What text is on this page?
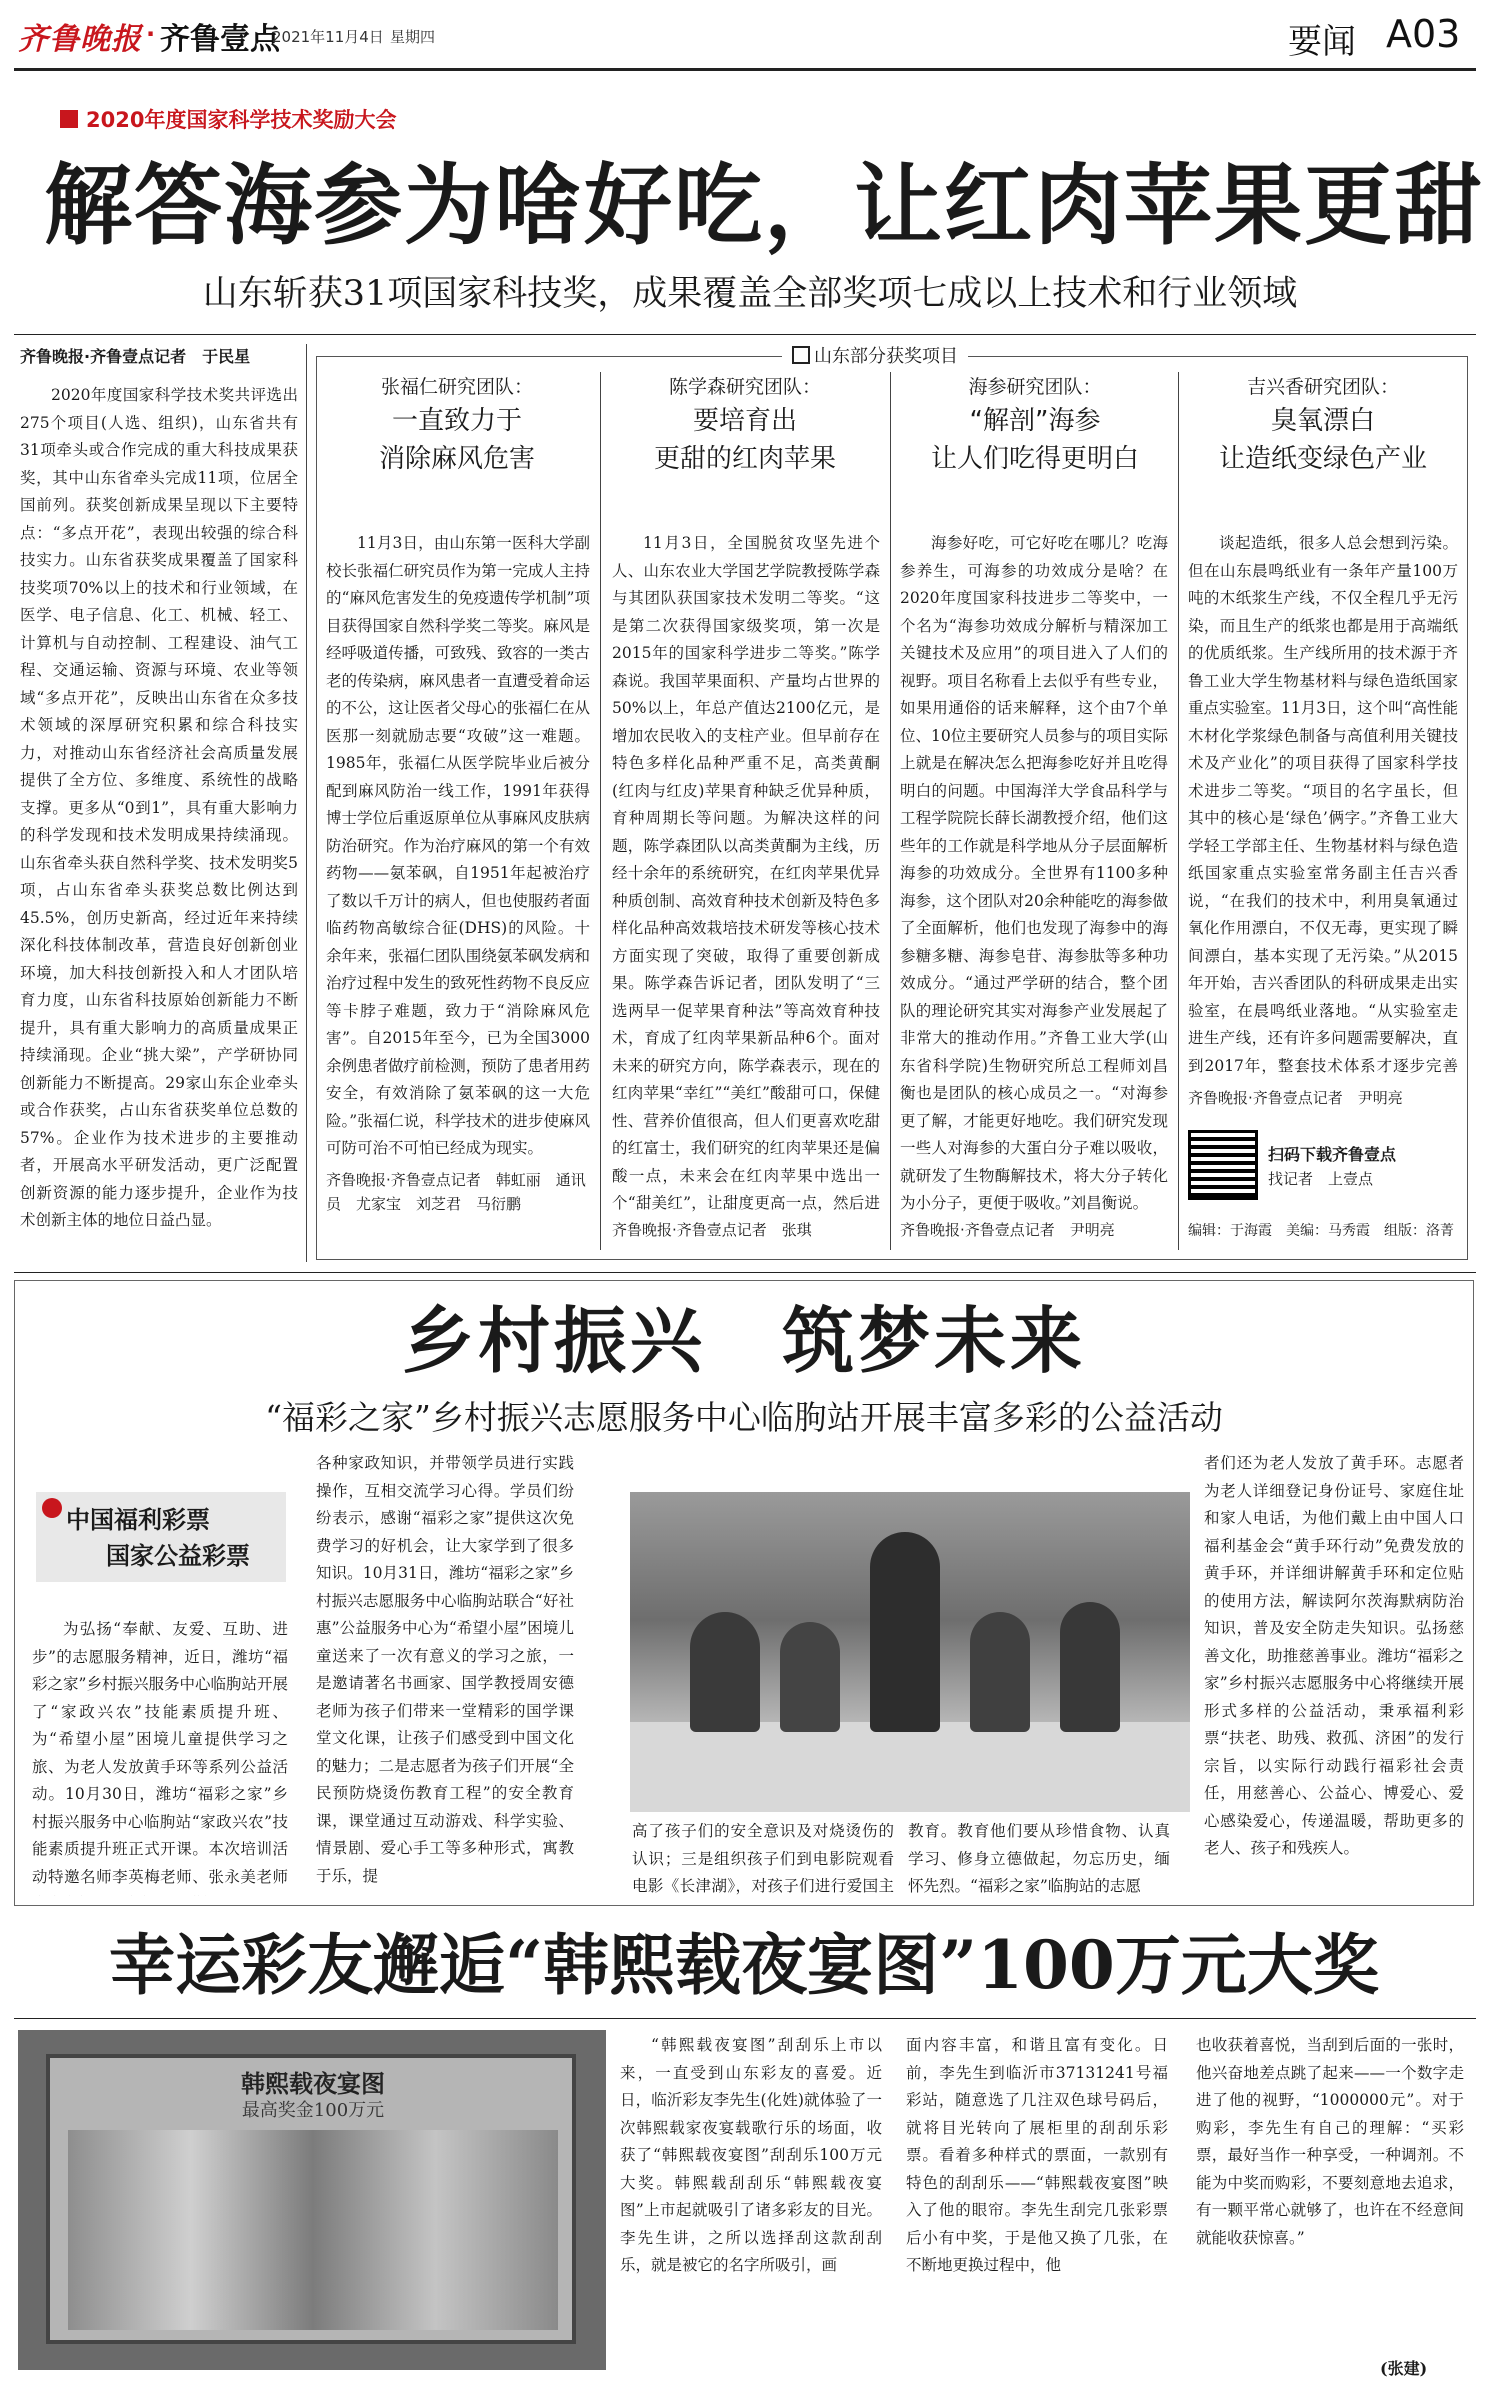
齐鲁晚报 · 齐鲁壹点
2021年11月4日 星期四	要闻 A03
2020年度国家科学技术奖励大会
解答海参为啥好吃，让红肉苹果更甜
山东斩获31项国家科技奖，成果覆盖全部奖项七成以上技术和行业领域
齐鲁晚报·齐鲁壹点记者　于民星
2020年度国家科学技术奖共评选出275个项目(人选、组织)，山东省共有31项牵头或合作完成的重大科技成果获奖，其中山东省牵头完成11项，位居全国前列。获奖创新成果呈现以下主要特点：“多点开花”，表现出较强的综合科技实力。山东省获奖成果覆盖了国家科技奖项70%以上的技术和行业领域，在医学、电子信息、化工、机械、轻工、计算机与自动控制、工程建设、油气工程、交通运输、资源与环境、农业等领域“多点开花”，反映出山东省在众多技术领域的深厚研究积累和综合科技实力，对推动山东省经济社会高质量发展提供了全方位、多维度、系统性的战略支撑。更多从“0到1”，具有重大影响力的科学发现和技术发明成果持续涌现。山东省牵头获自然科学奖、技术发明奖5项，占山东省牵头获奖总数比例达到45.5%，创历史新高，经过近年来持续深化科技体制改革，营造良好创新创业环境，加大科技创新投入和人才团队培育力度，山东省科技原始创新能力不断提升，具有重大影响力的高质量成果正持续涌现。企业“挑大梁”，产学研协同创新能力不断提高。29家山东企业牵头或合作获奖，占山东省获奖单位总数的57%。企业作为技术进步的主要推动者，开展高水平研发活动，更广泛配置创新资源的能力逐步提升，企业作为技术创新主体的地位日益凸显。
山东部分获奖项目
张福仁研究团队：
一直致力于
消除麻风危害
陈学森研究团队：
要培育出
更甜的红肉苹果
海参研究团队：
“解剖”海参
让人们吃得更明白
吉兴香研究团队：
臭氧漂白
让造纸变绿色产业
11月3日，由山东第一医科大学副校长张福仁研究员作为第一完成人主持的“麻风危害发生的免疫遗传学机制”项目获得国家自然科学奖二等奖。麻风是经呼吸道传播，可致残、致容的一类古老的传染病，麻风患者一直遭受着命运的不公，这让医者父母心的张福仁在从医那一刻就励志要“攻破”这一难题。1985年，张福仁从医学院毕业后被分配到麻风防治一线工作，1991年获得博士学位后重返原单位从事麻风皮肤病防治研究。作为治疗麻风的第一个有效药物——氨苯砜，自1951年起被治疗了数以千万计的病人，但也使服药者面临药物高敏综合征(DHS)的风险。十余年来，张福仁团队围绕氨苯砜发病和治疗过程中发生的致死性药物不良反应等卡脖子难题，致力于“消除麻风危害”。自2015年至今，已为全国3000余例患者做疗前检测，预防了患者用药安全，有效消除了氨苯砜的这一大危险。”张福仁说，科学技术的进步使麻风可防可治不可怕已经成为现实。
齐鲁晚报·齐鲁壹点记者　韩虹丽　通讯员　尤家宝　刘芝君　马衍鹏
11月3日，全国脱贫攻坚先进个人、山东农业大学国艺学院教授陈学森与其团队获国家技术发明二等奖。“这是第二次获得国家级奖项，第一次是2015年的国家科学进步二等奖。”陈学森说。我国苹果面积、产量均占世界的50%以上，年总产值达2100亿元，是增加农民收入的支柱产业。但早前存在特色多样化品种严重不足，高类黄酮(红肉与红皮)苹果育种缺乏优异种质，育种周期长等问题。为解决这样的问题，陈学森团队以高类黄酮为主线，历经十余年的系统研究，在红肉苹果优异种质创制、高效育种技术创新及特色多样化品种高效栽培技术研发等核心技术方面实现了突破，取得了重要创新成果。陈学森告诉记者，团队发明了“三选两早一促苹果育种法”等高效育种技术，育成了红肉苹果新品种6个。面对未来的研究方向，陈学森表示，现在的红肉苹果“幸红”“美红”酸甜可口，保健性、营养价值很高，但人们更喜欢吃甜的红富士，我们研究的红肉苹果还是偏酸一点，未来会在红肉苹果中选出一个“甜美红”，让甜度更高一点，然后进
齐鲁晚报·齐鲁壹点记者　张琪
海参好吃，可它好吃在哪儿？吃海参养生，可海参的功效成分是啥？在2020年度国家科技进步二等奖中，一个名为“海参功效成分解析与精深加工关键技术及应用”的项目进入了人们的视野。项目名称看上去似乎有些专业，如果用通俗的话来解释，这个由7个单位、10位主要研究人员参与的项目实际上就是在解决怎么把海参吃好并且吃得明白的问题。中国海洋大学食品科学与工程学院院长薛长湖教授介绍，他们这些年的工作就是科学地从分子层面解析海参的功效成分。全世界有1100多种海参，这个团队对20余种能吃的海参做了全面解析，他们也发现了海参中的海参糖多糖、海参皂苷、海参肽等多种功效成分。“通过严学研的结合，整个团队的理论研究其实对海参产业发展起了非常大的推动作用。”齐鲁工业大学(山东省科学院)生物研究所总工程师刘昌衡也是团队的核心成员之一。“对海参更了解，才能更好地吃。我们研究发现一些人对海参的大蛋白分子难以吸收，就研发了生物酶解技术，将大分子转化为小分子，更便于吸收。”刘昌衡说。
齐鲁晚报·齐鲁壹点记者　尹明亮
谈起造纸，很多人总会想到污染。但在山东晨鸣纸业有一条年产量100万吨的木纸浆生产线，不仅全程几乎无污染，而且生产的纸浆也都是用于高端纸的优质纸浆。生产线所用的技术源于齐鲁工业大学生物基材料与绿色造纸国家重点实验室。11月3日，这个叫“高性能木材化学浆绿色制备与高值利用关键技术及产业化”的项目获得了国家科学技术进步二等奖。“项目的名字虽长，但其中的核心是‘绿色’俩字。”齐鲁工业大学轻工学部主任、生物基材料与绿色造纸国家重点实验室常务副主任吉兴香说，“在我们的技术中，利用臭氧通过氧化作用漂白，不仅无毒，更实现了瞬间漂白，基本实现了无污染。”从2015年开始，吉兴香团队的科研成果走出实验室，在晨鸣纸业落地。“从实验室走进生产线，还有许多问题需要解决，直到2017年，整套技术体系才逐步完善
齐鲁晚报·齐鲁壹点记者　尹明亮
扫码下载齐鲁壹点
找记者　上壹点
编辑：于海霞　美编：马秀霞　组版：洛菁
乡村振兴　筑梦未来
“福彩之家”乡村振兴志愿服务中心临朐站开展丰富多彩的公益活动
中国福利彩票
国家公益彩票
为弘扬“奉献、友爱、互助、进步”的志愿服务精神，近日，潍坊“福彩之家”乡村振兴服务中心临朐站开展了“家政兴农”技能素质提升班、为“希望小屋”困境儿童提供学习之旅、为老人发放黄手环等系列公益活动。10月30日，潍坊“福彩之家”乡村振兴服务中心临朐站“家政兴农”技能素质提升班正式开课。本次培训活动特邀名师李英梅老师、张永美老师
各种家政知识，并带领学员进行实践操作，互相交流学习心得。学员们纷纷表示，感谢“福彩之家”提供这次免费学习的好机会，让大家学到了很多知识。10月31日，潍坊“福彩之家”乡村振兴志愿服务中心临朐站联合“好社惠”公益服务中心为“希望小屋”困境儿童送来了一次有意义的学习之旅，一是邀请著名书画家、国学教授周安德老师为孩子们带来一堂精彩的国学课堂文化课，让孩子们感受到中国文化的魅力；二是志愿者为孩子们开展“全民预防烧烫伤教育工程”的安全教育课，课堂通过互动游戏、科学实验、情景剧、爱心手工等多种形式，寓教于乐，提
高了孩子们的安全意识及对烧烫伤的认识；三是组织孩子们到电影院观看电影《长津湖》，对孩子们进行爱国主
教育。教育他们要从珍惜食物、认真学习、修身立德做起，勿忘历史，缅怀先烈。“福彩之家”临朐站的志愿
者们还为老人发放了黄手环。志愿者为老人详细登记身份证号、家庭住址和家人电话，为他们戴上由中国人口福利基金会“黄手环行动”免费发放的黄手环，并详细讲解黄手环和定位贴的使用方法，解读阿尔茨海默病防治知识，普及安全防走失知识。弘扬慈善文化，助推慈善事业。潍坊“福彩之家”乡村振兴志愿服务中心将继续开展形式多样的公益活动，秉承福利彩票“扶老、助残、救孤、济困”的发行宗旨，以实际行动践行福彩社会责任，用慈善心、公益心、博爱心、爱心感染爱心，传递温暖，帮助更多的老人、孩子和残疾人。
幸运彩友邂逅“韩熙载夜宴图”100万元大奖
韩熙载夜宴图
最高奖金100万元
“韩熙载夜宴图”刮刮乐上市以来，一直受到山东彩友的喜爱。近日，临沂彩友李先生(化姓)就体验了一次韩熙载家夜宴载歌行乐的场面，收获了“韩熙载夜宴图”刮刮乐100万元大奖。韩熙载刮刮乐“韩熙载夜宴图”上市起就吸引了诸多彩友的目光。李先生讲，之所以选择刮这款刮刮乐，就是被它的名字所吸引，画
面内容丰富，和谐且富有变化。日前，李先生到临沂市37131241号福彩站，随意选了几注双色球号码后，就将目光转向了展柜里的刮刮乐彩票。看着多种样式的票面，一款别有特色的刮刮乐——“韩熙载夜宴图”映入了他的眼帘。李先生刮完几张彩票后小有中奖，于是他又换了几张，在不断地更换过程中，他
也收获着喜悦，当刮到后面的一张时，他兴奋地差点跳了起来——一个数字走进了他的视野，“1000000元”。对于购彩，李先生有自己的理解：“买彩票，最好当作一种享受，一种调剂。不能为中奖而购彩，不要刻意地去追求，有一颗平常心就够了，也许在不经意间就能收获惊喜。”
(张建)
